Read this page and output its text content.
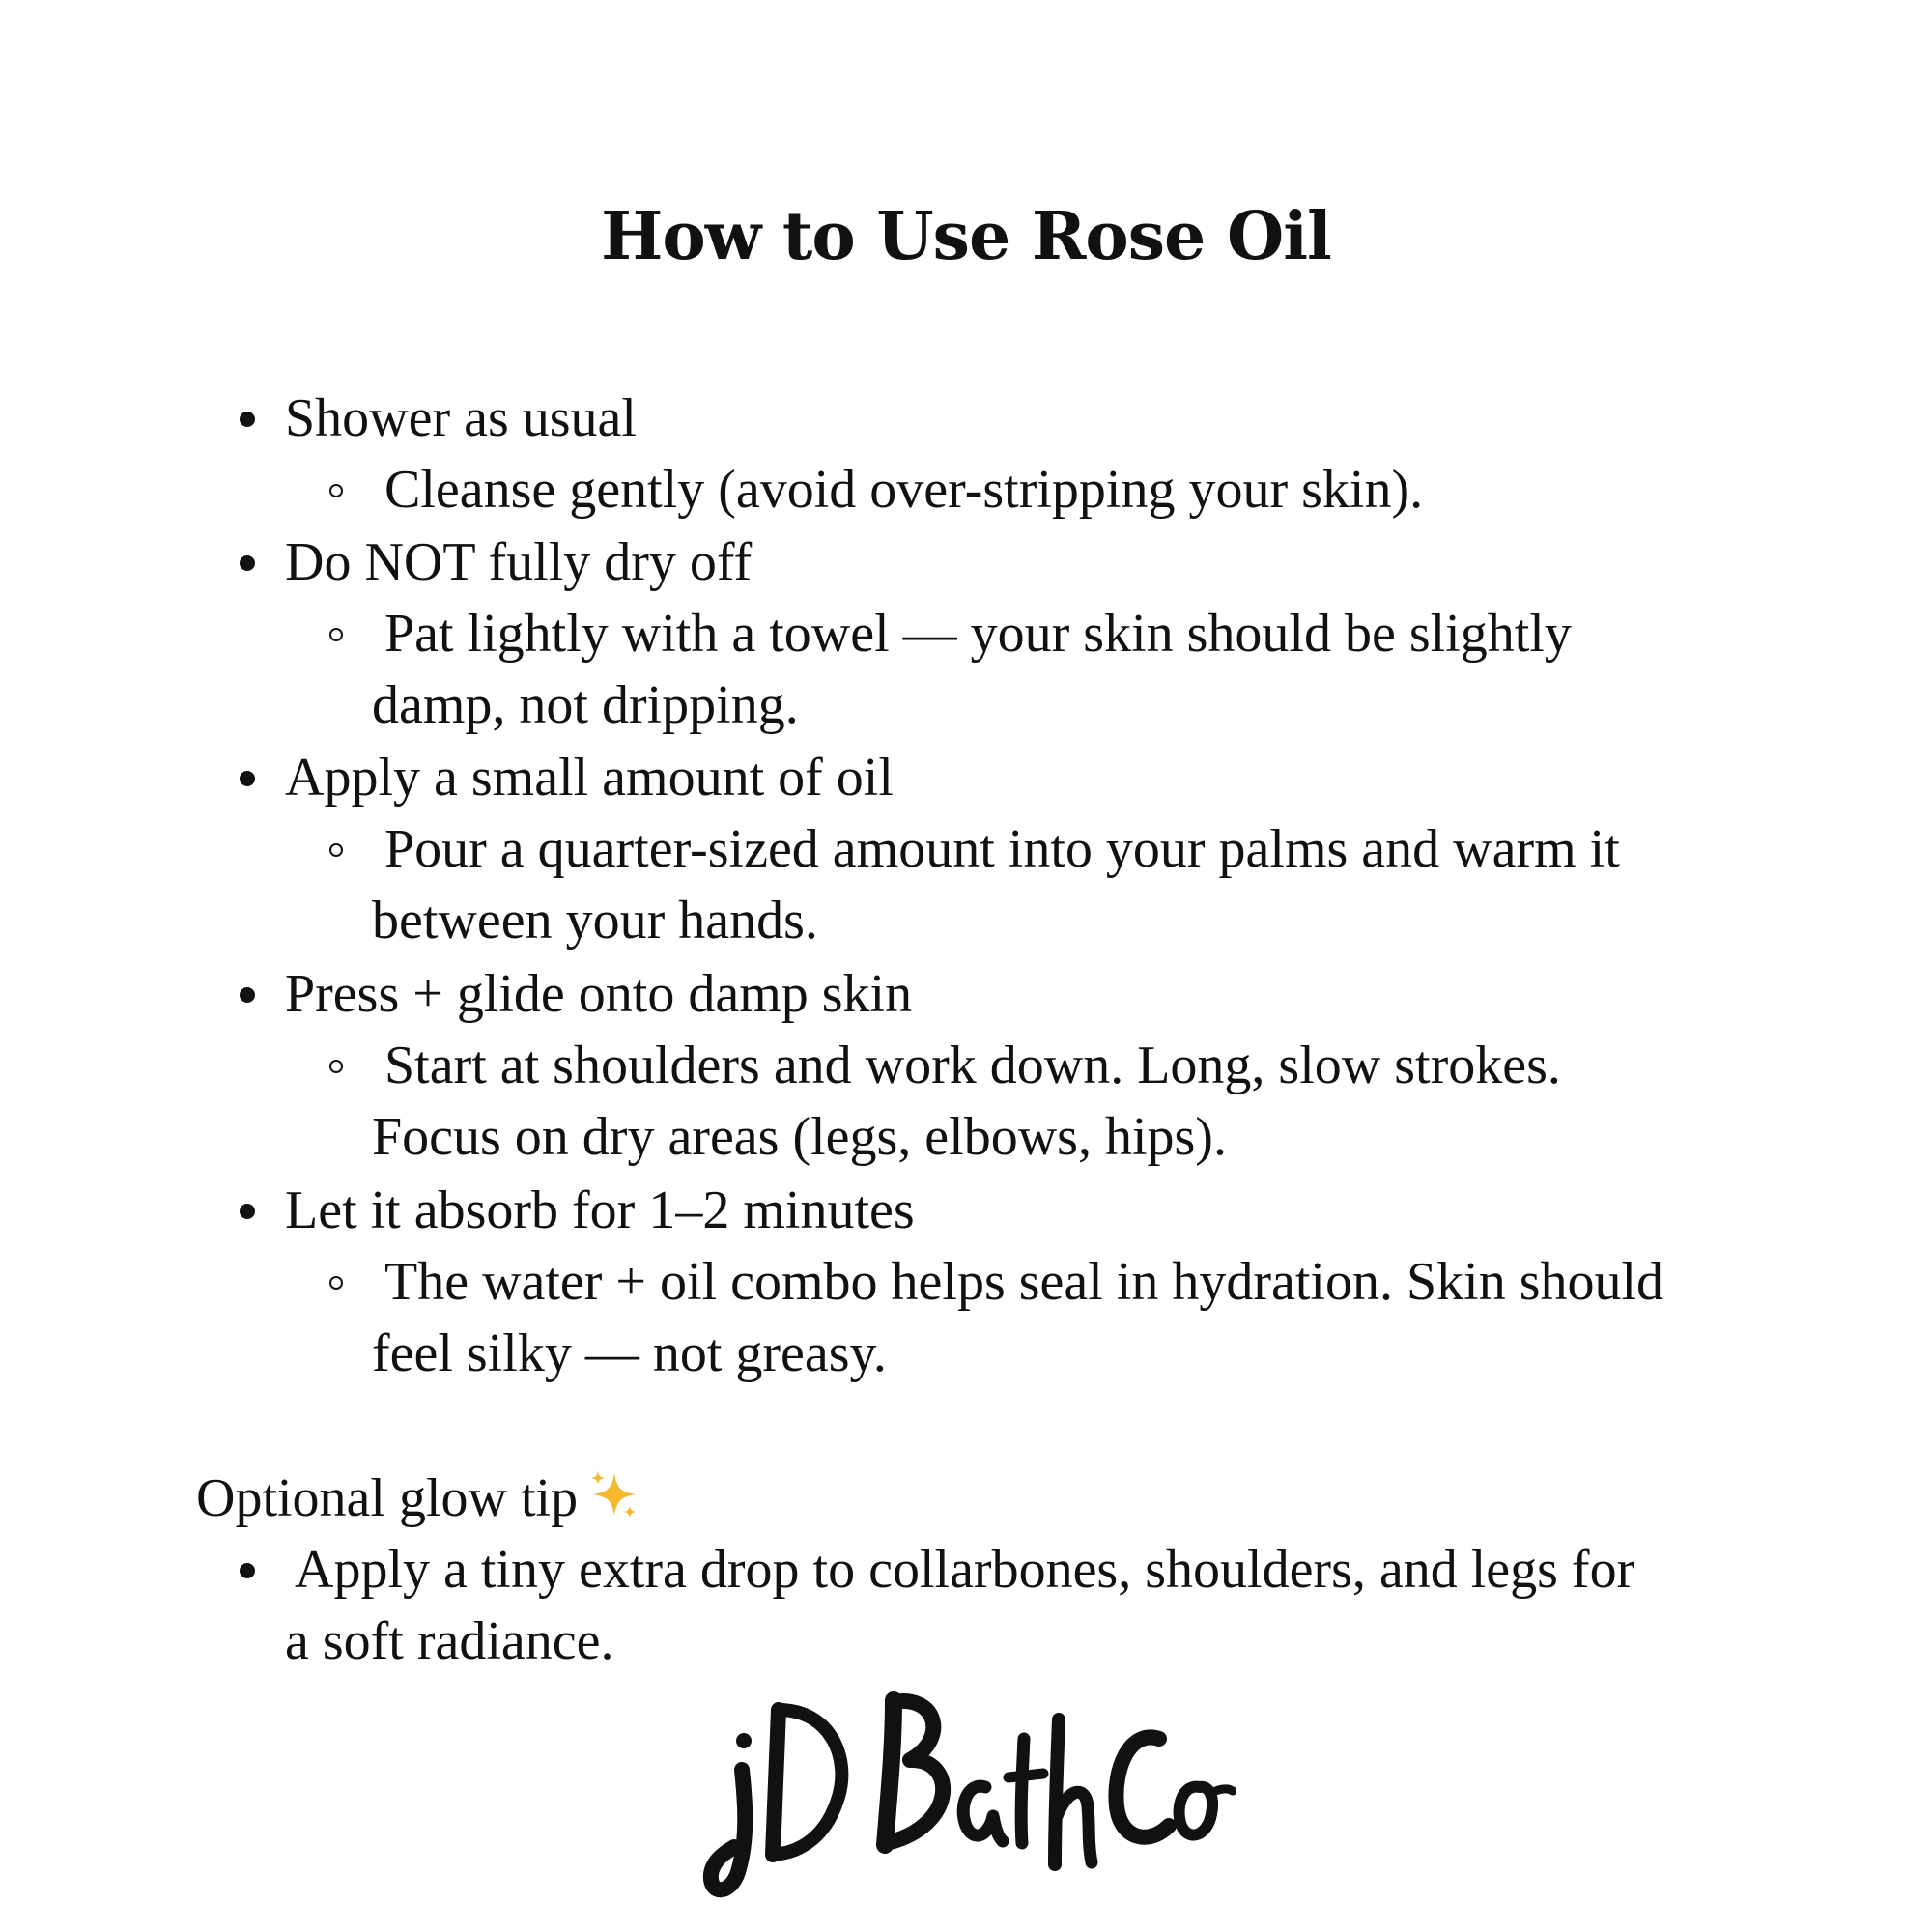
How to Use Rose Oil
Shower as usual
Cleanse gently (avoid over-stripping your skin).
Do NOT fully dry off
Pat lightly with a towel — your skin should be slightly
damp, not dripping.
Apply a small amount of oil
Pour a quarter-sized amount into your palms and warm it
between your hands.
Press + glide onto damp skin
Start at shoulders and work down. Long, slow strokes.
Focus on dry areas (legs, elbows, hips).
Let it absorb for 1–2 minutes
The water + oil combo helps seal in hydration. Skin should
feel silky — not greasy.
Optional glow tip
Apply a tiny extra drop to collarbones, shoulders, and legs for
a soft radiance.
